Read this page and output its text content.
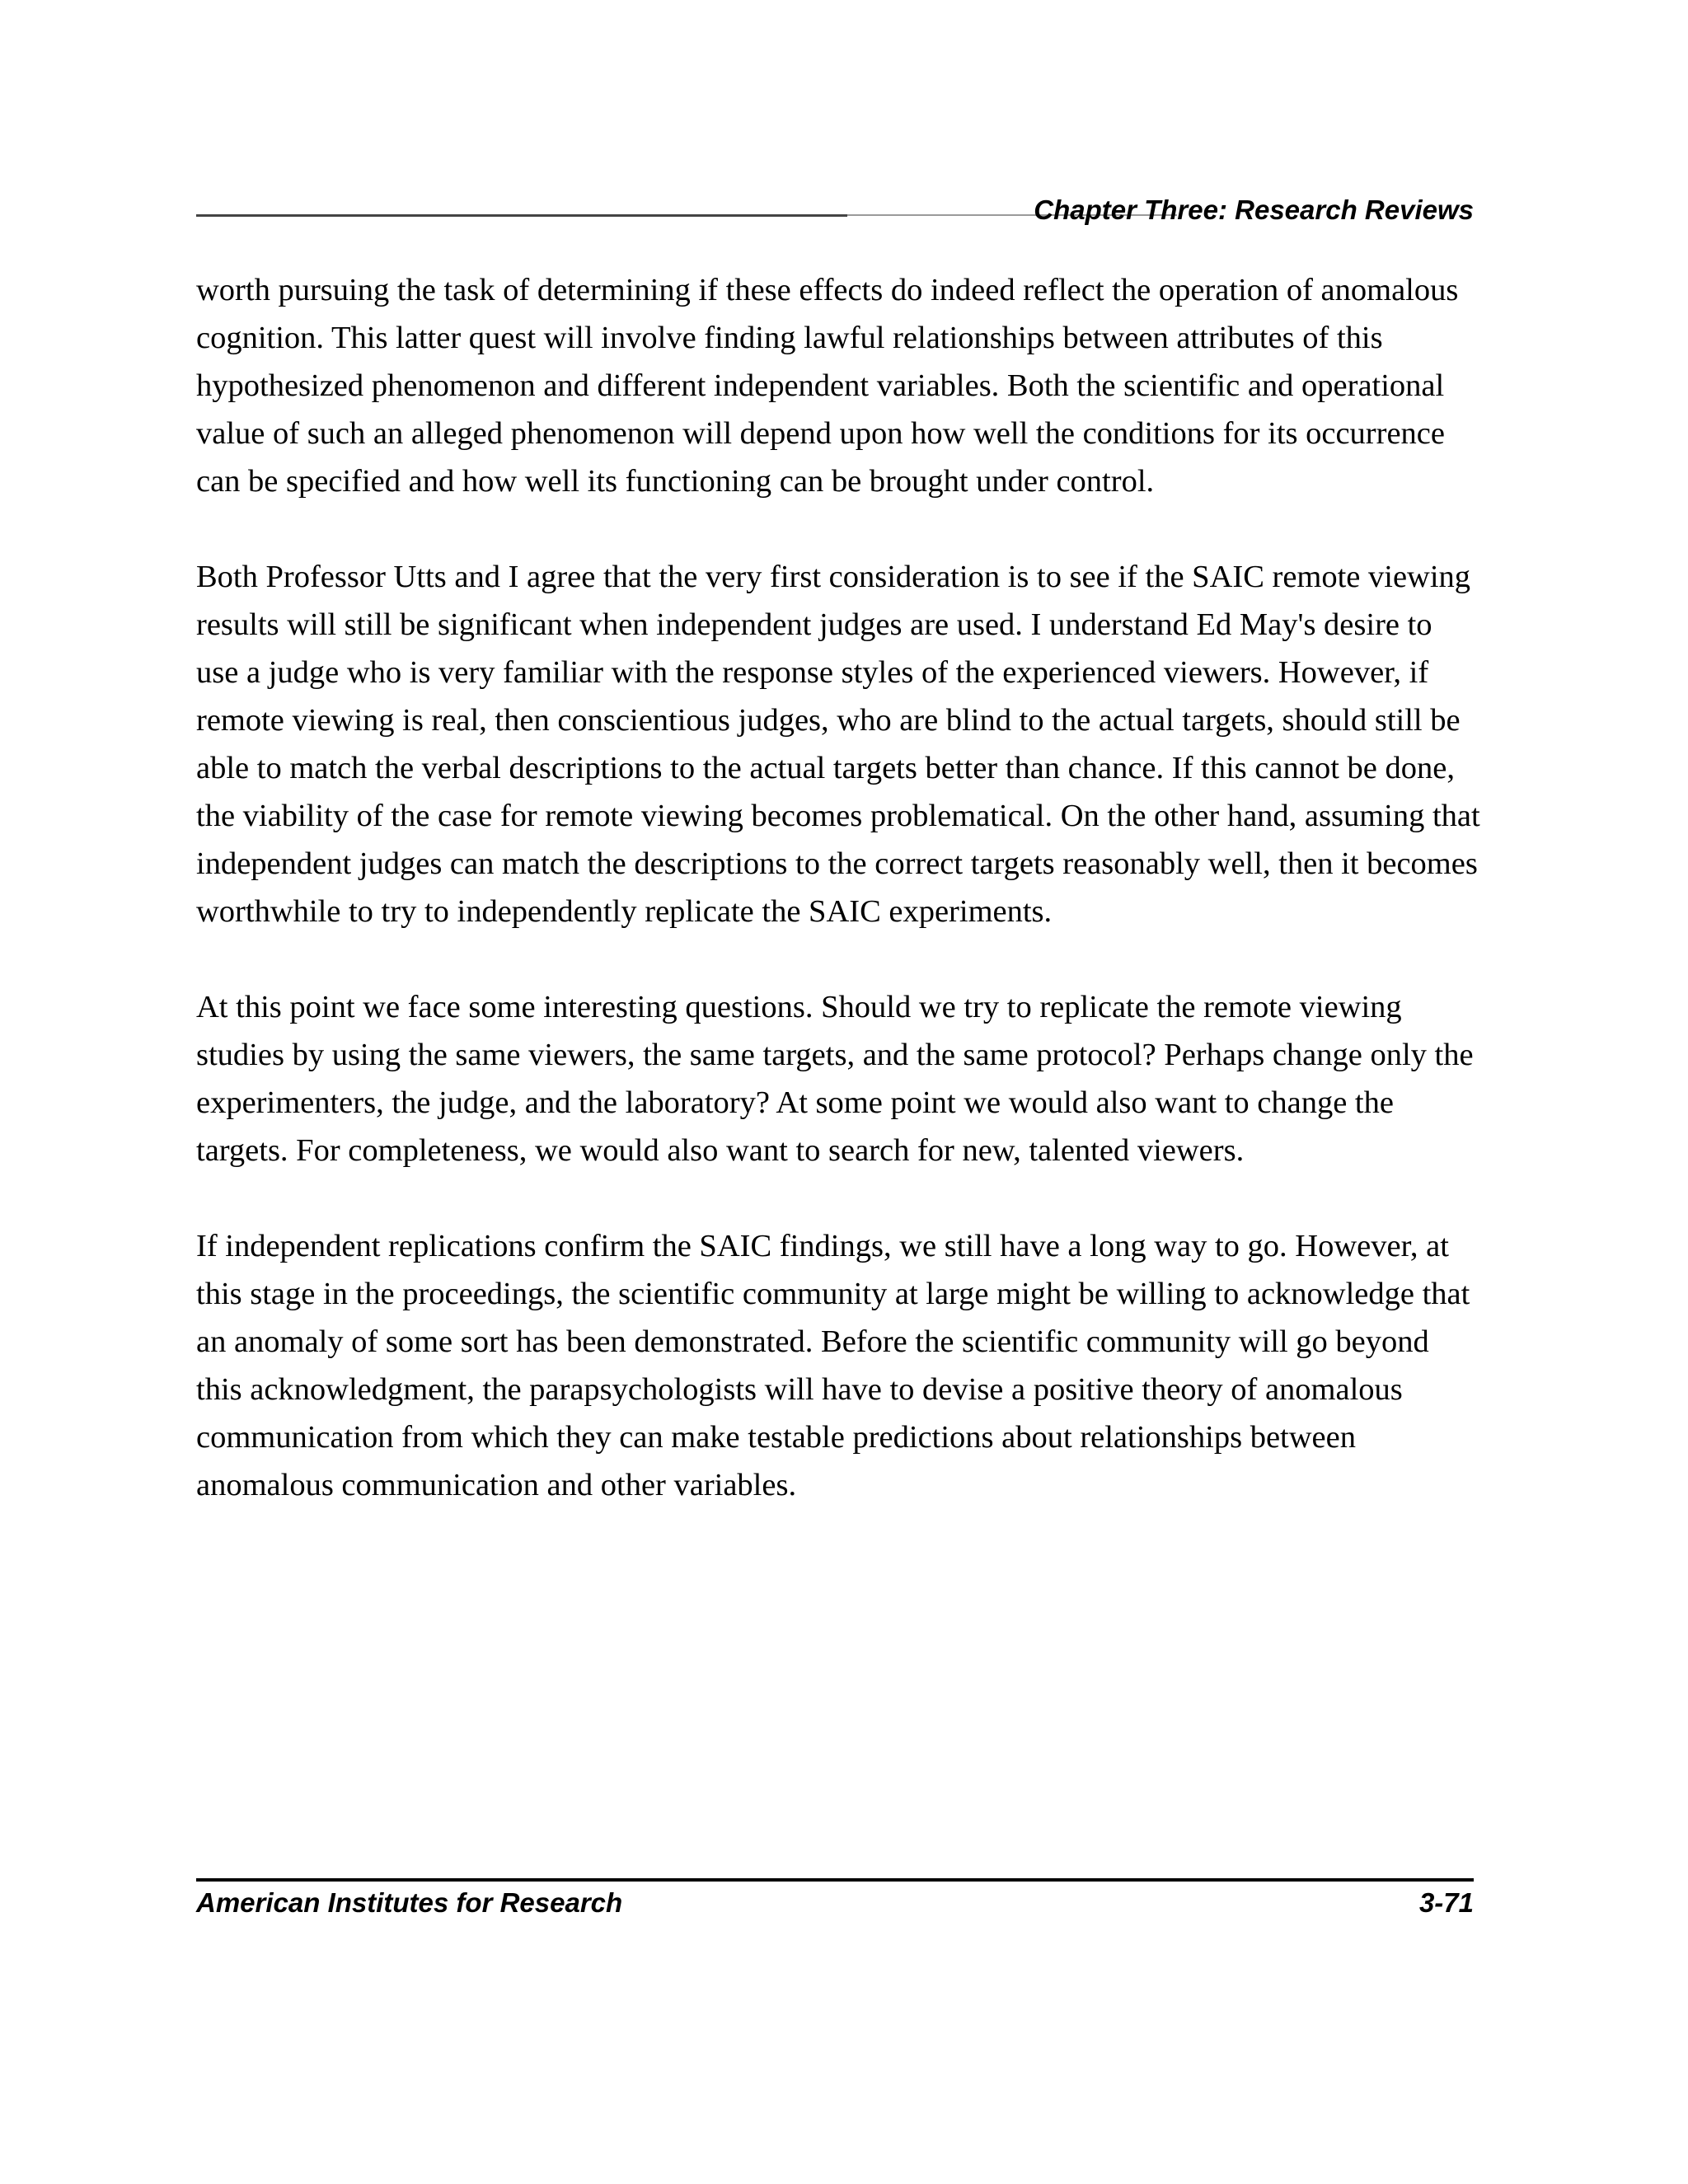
Chapter Three: Research Reviews

worth pursuing the task of determining if these effects do indeed reflect the operation of anomalous cognition. This latter quest will involve finding lawful relationships between attributes of this hypothesized phenomenon and different independent variables. Both the scientific and operational value of such an alleged phenomenon will depend upon how well the conditions for its occurrence can be specified and how well its functioning can be brought under control.

Both Professor Utts and I agree that the very first consideration is to see if the SAIC remote viewing results will still be significant when independent judges are used. I understand Ed May's desire to use a judge who is very familiar with the response styles of the experienced viewers. However, if remote viewing is real, then conscientious judges, who are blind to the actual targets, should still be able to match the verbal descriptions to the actual targets better than chance. If this cannot be done, the viability of the case for remote viewing becomes problematical. On the other hand, assuming that independent judges can match the descriptions to the correct targets reasonably well, then it becomes worthwhile to try to independently replicate the SAIC experiments.

At this point we face some interesting questions. Should we try to replicate the remote viewing studies by using the same viewers, the same targets, and the same protocol? Perhaps change only the experimenters, the judge, and the laboratory? At some point we would also want to change the targets. For completeness, we would also want to search for new, talented viewers.

If independent replications confirm the SAIC findings, we still have a long way to go. However, at this stage in the proceedings, the scientific community at large might be willing to acknowledge that an anomaly of some sort has been demonstrated. Before the scientific community will go beyond this acknowledgment, the parapsychologists will have to devise a positive theory of anomalous communication from which they can make testable predictions about relationships between anomalous communication and other variables.

American Institutes for Research	3-71
